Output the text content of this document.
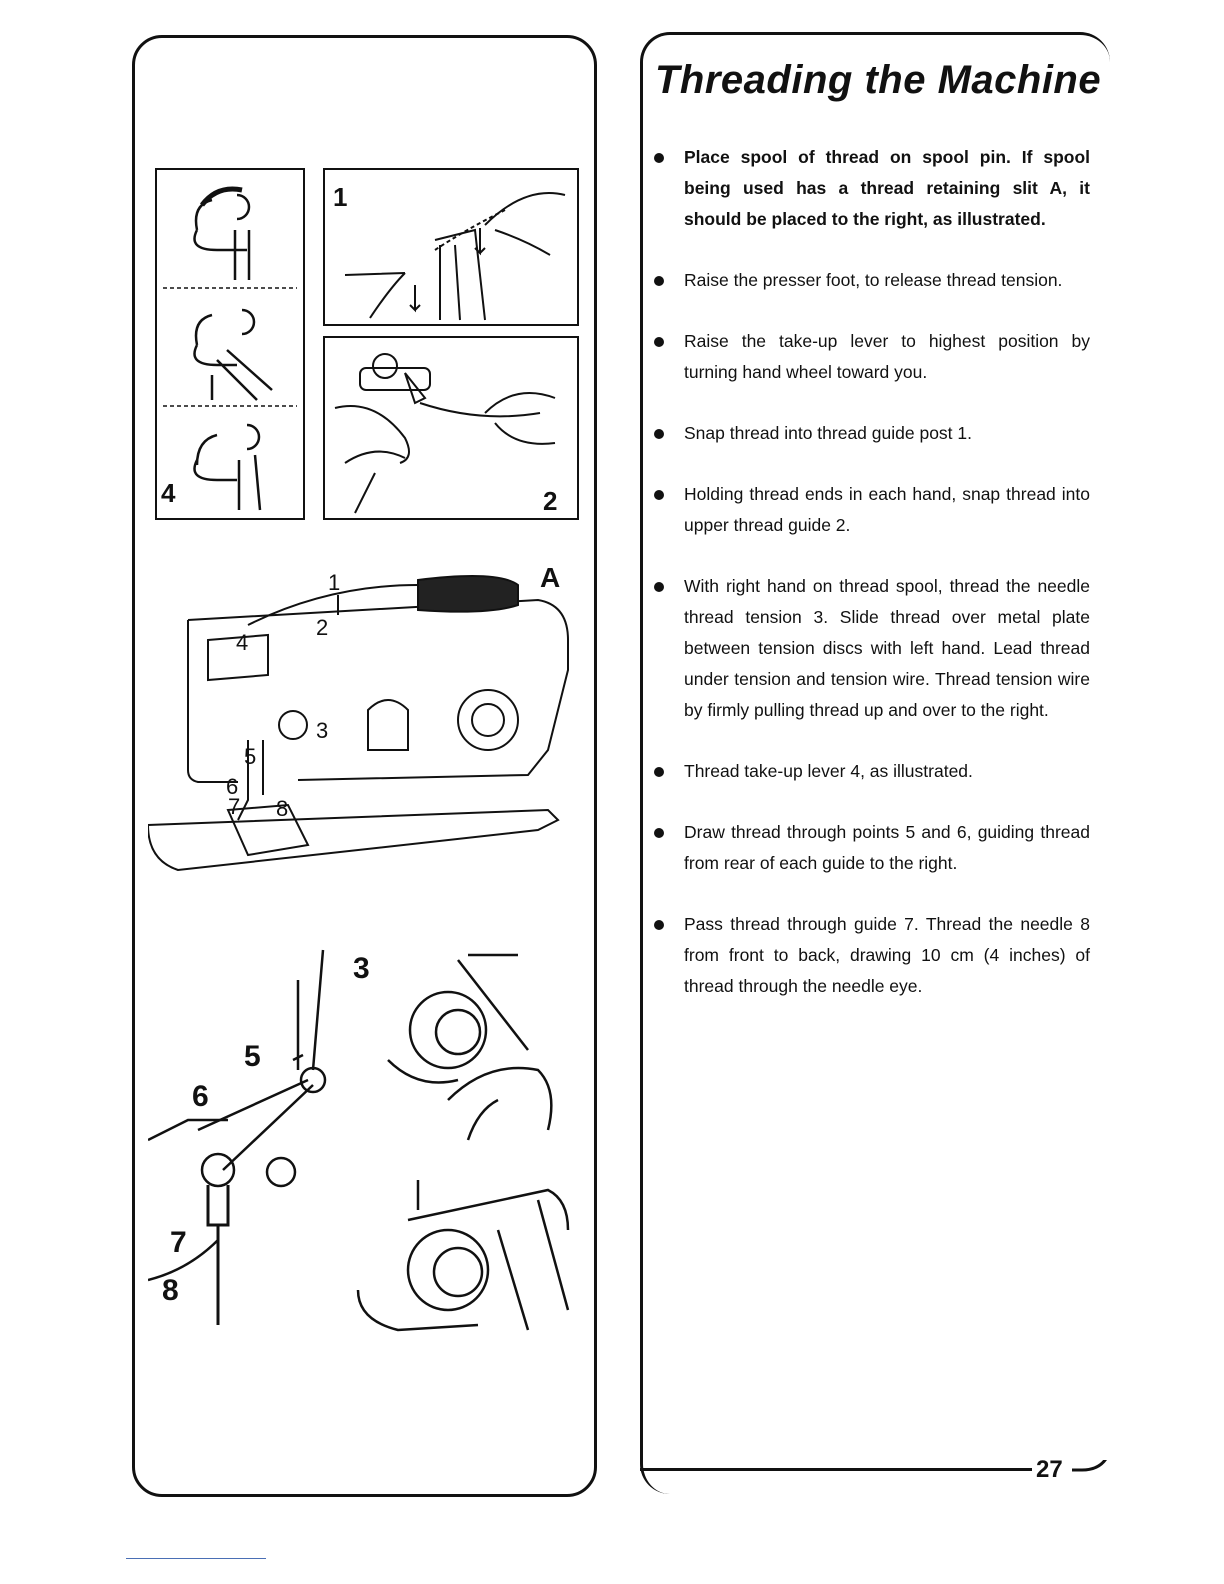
4
1
2
1	A
2
4
3
5
6
7 8
3
5
6
7
8
Threading the Machine
Place spool of thread on spool pin. If spool being used has a thread retaining slit A, it should be placed to the right, as illustrated.
Raise the presser foot, to release thread tension.
Raise the take-up lever to highest position by turning hand wheel toward you.
Snap thread into thread guide post 1.
Holding thread ends in each hand, snap thread into upper thread guide 2.
With right hand on thread spool, thread the needle thread tension 3. Slide thread over metal plate between tension discs with left hand. Lead thread under tension and tension wire. Thread tension wire by firmly pulling thread up and over to the right.
Thread take-up lever 4, as illustrated.
Draw thread through points 5 and 6, guiding thread from rear of each guide to the right.
Pass thread through guide 7. Thread the needle 8 from front to back, drawing 10 cm (4 inches) of thread through the needle eye.
27
